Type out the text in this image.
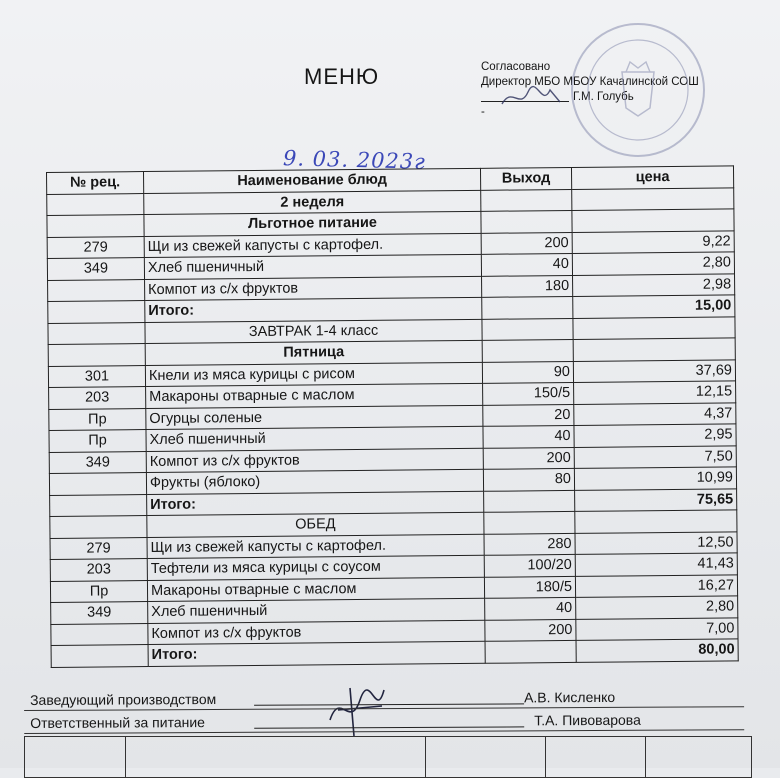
МЕНЮ	Согласовано
Директор МБО МБОУ Качалинской СОШ
Г.М. Голубь
-
9. 03. 2023г
№ рец.	Наименование блюд	Выход	цена
	2 неделя		
	Льготное питание		
279	Щи из свежей капусты с картофел.	200	9,22
349	Хлеб пшеничный	40	2,80
	Компот из с/х фруктов	180	2,98
	Итого:		15,00
	ЗАВТРАК 1-4 класс		
	Пятница		
301	Кнели из мяса курицы с рисом	90	37,69
203	Макароны отварные с маслом	150/5	12,15
Пр	Огурцы соленые	20	4,37
Пр	Хлеб пшеничный	40	2,95
349	Компот из с/х фруктов	200	7,50
	Фрукты (яблоко)	80	10,99
	Итого:		75,65
	ОБЕД		
279	Щи из свежей капусты с картофел.	280	12,50
203	Тефтели из мяса курицы с соусом	100/20	41,43
Пр	Макароны отварные с маслом	180/5	16,27
349	Хлеб пшеничный	40	2,80
	Компот из с/х фруктов	200	7,00
	Итого:		80,00
Заведующий производством	А.В. Кисленко
Ответственный за питание	Т.А. Пивоварова
